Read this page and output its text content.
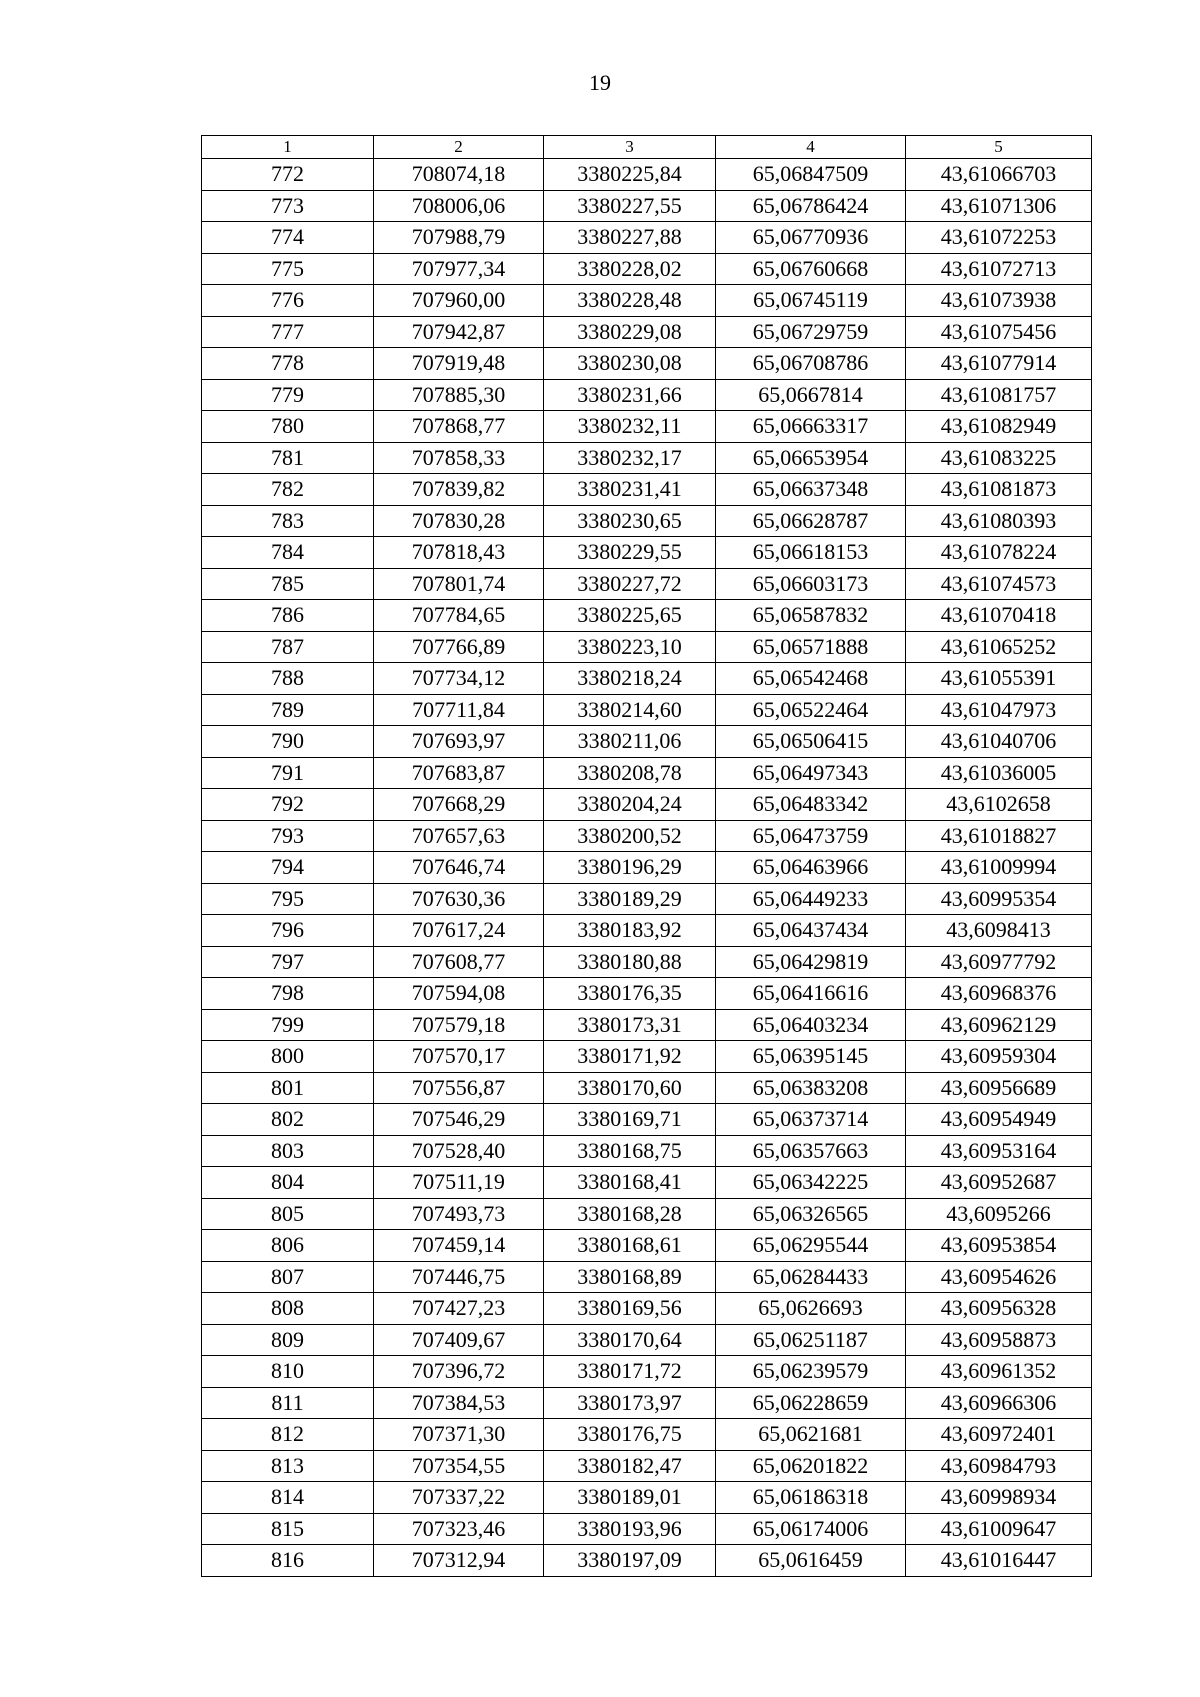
19
1	2	3	4	5
772	708074,18	3380225,84	65,06847509	43,61066703
773	708006,06	3380227,55	65,06786424	43,61071306
774	707988,79	3380227,88	65,06770936	43,61072253
775	707977,34	3380228,02	65,06760668	43,61072713
776	707960,00	3380228,48	65,06745119	43,61073938
777	707942,87	3380229,08	65,06729759	43,61075456
778	707919,48	3380230,08	65,06708786	43,61077914
779	707885,30	3380231,66	65,0667814	43,61081757
780	707868,77	3380232,11	65,06663317	43,61082949
781	707858,33	3380232,17	65,06653954	43,61083225
782	707839,82	3380231,41	65,06637348	43,61081873
783	707830,28	3380230,65	65,06628787	43,61080393
784	707818,43	3380229,55	65,06618153	43,61078224
785	707801,74	3380227,72	65,06603173	43,61074573
786	707784,65	3380225,65	65,06587832	43,61070418
787	707766,89	3380223,10	65,06571888	43,61065252
788	707734,12	3380218,24	65,06542468	43,61055391
789	707711,84	3380214,60	65,06522464	43,61047973
790	707693,97	3380211,06	65,06506415	43,61040706
791	707683,87	3380208,78	65,06497343	43,61036005
792	707668,29	3380204,24	65,06483342	43,6102658
793	707657,63	3380200,52	65,06473759	43,61018827
794	707646,74	3380196,29	65,06463966	43,61009994
795	707630,36	3380189,29	65,06449233	43,60995354
796	707617,24	3380183,92	65,06437434	43,6098413
797	707608,77	3380180,88	65,06429819	43,60977792
798	707594,08	3380176,35	65,06416616	43,60968376
799	707579,18	3380173,31	65,06403234	43,60962129
800	707570,17	3380171,92	65,06395145	43,60959304
801	707556,87	3380170,60	65,06383208	43,60956689
802	707546,29	3380169,71	65,06373714	43,60954949
803	707528,40	3380168,75	65,06357663	43,60953164
804	707511,19	3380168,41	65,06342225	43,60952687
805	707493,73	3380168,28	65,06326565	43,6095266
806	707459,14	3380168,61	65,06295544	43,60953854
807	707446,75	3380168,89	65,06284433	43,60954626
808	707427,23	3380169,56	65,0626693	43,60956328
809	707409,67	3380170,64	65,06251187	43,60958873
810	707396,72	3380171,72	65,06239579	43,60961352
811	707384,53	3380173,97	65,06228659	43,60966306
812	707371,30	3380176,75	65,0621681	43,60972401
813	707354,55	3380182,47	65,06201822	43,60984793
814	707337,22	3380189,01	65,06186318	43,60998934
815	707323,46	3380193,96	65,06174006	43,61009647
816	707312,94	3380197,09	65,0616459	43,61016447
